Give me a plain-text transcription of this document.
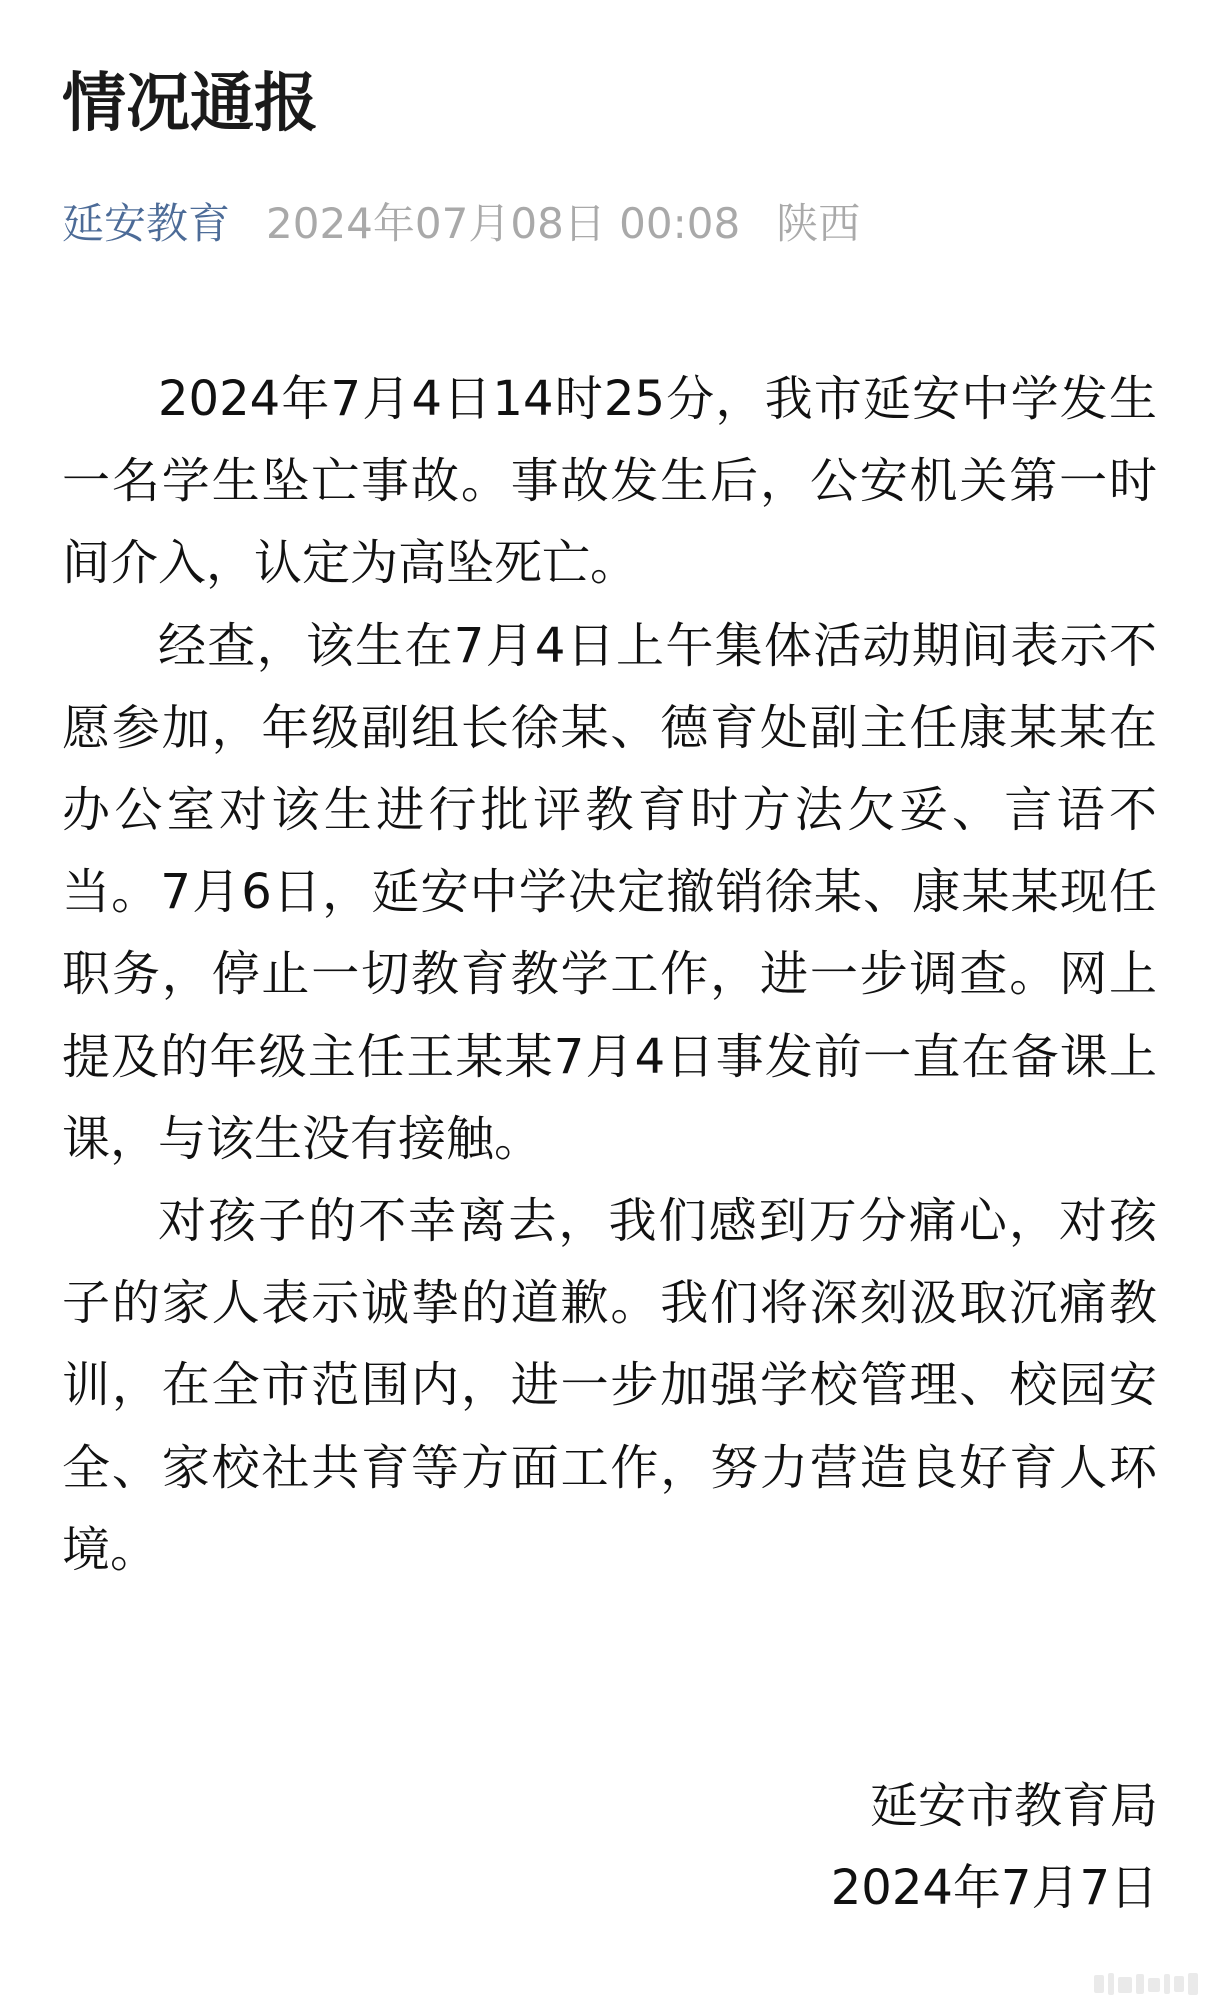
情况通报
延安教育 2024年07月08日 00:08 陕西

2024年7月4日14时25分，我市延安中学发生一名学生坠亡事故。事故发生后，公安机关第一时间介入，认定为高坠死亡。

经查，该生在7月4日上午集体活动期间表示不愿参加，年级副组长徐某、德育处副主任康某某在办公室对该生进行批评教育时方法欠妥、言语不当。7月6日，延安中学决定撤销徐某、康某某现任职务，停止一切教育教学工作，进一步调查。网上提及的年级主任王某某7月4日事发前一直在备课上课，与该生没有接触。

对孩子的不幸离去，我们感到万分痛心，对孩子的家人表示诚挚的道歉。我们将深刻汲取沉痛教训，在全市范围内，进一步加强学校管理、校园安全、家校社共育等方面工作，努力营造良好育人环境。

延安市教育局
2024年7月7日
